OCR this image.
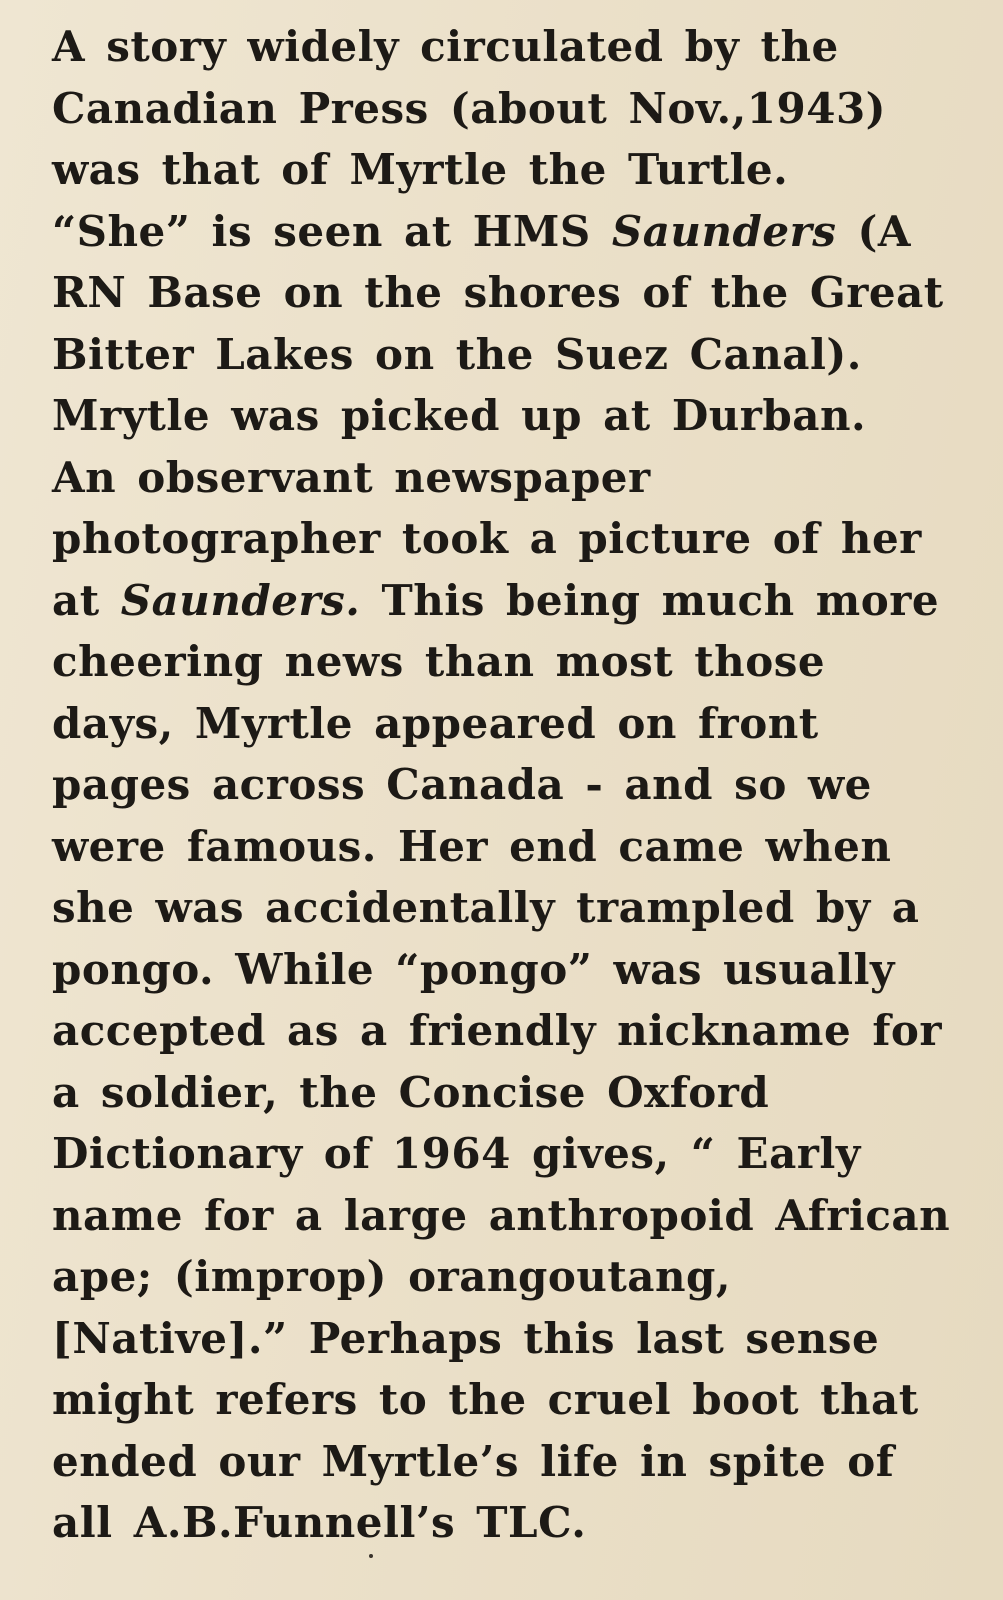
A story widely circulated by the
Canadian Press (about Nov.,1943)
was that of Myrtle the Turtle.
“She” is seen at HMS Saunders (A
RN Base on the shores of the Great
Bitter Lakes on the Suez Canal).
Mrytle was picked up at Durban.
An observant newspaper
photographer took a picture of her
at Saunders. This being much more
cheering news than most those
days, Myrtle appeared on front
pages across Canada - and so we
were famous. Her end came when
she was accidentally trampled by a
pongo. While “pongo” was usually
accepted as a friendly nickname for
a soldier, the Concise Oxford
Dictionary of 1964 gives, “ Early
name for a large anthropoid African
ape; (improp) orangoutang,
[Native].” Perhaps this last sense
might refers to the cruel boot that
ended our Myrtle’s life in spite of
all A.B.Funnell’s TLC.
